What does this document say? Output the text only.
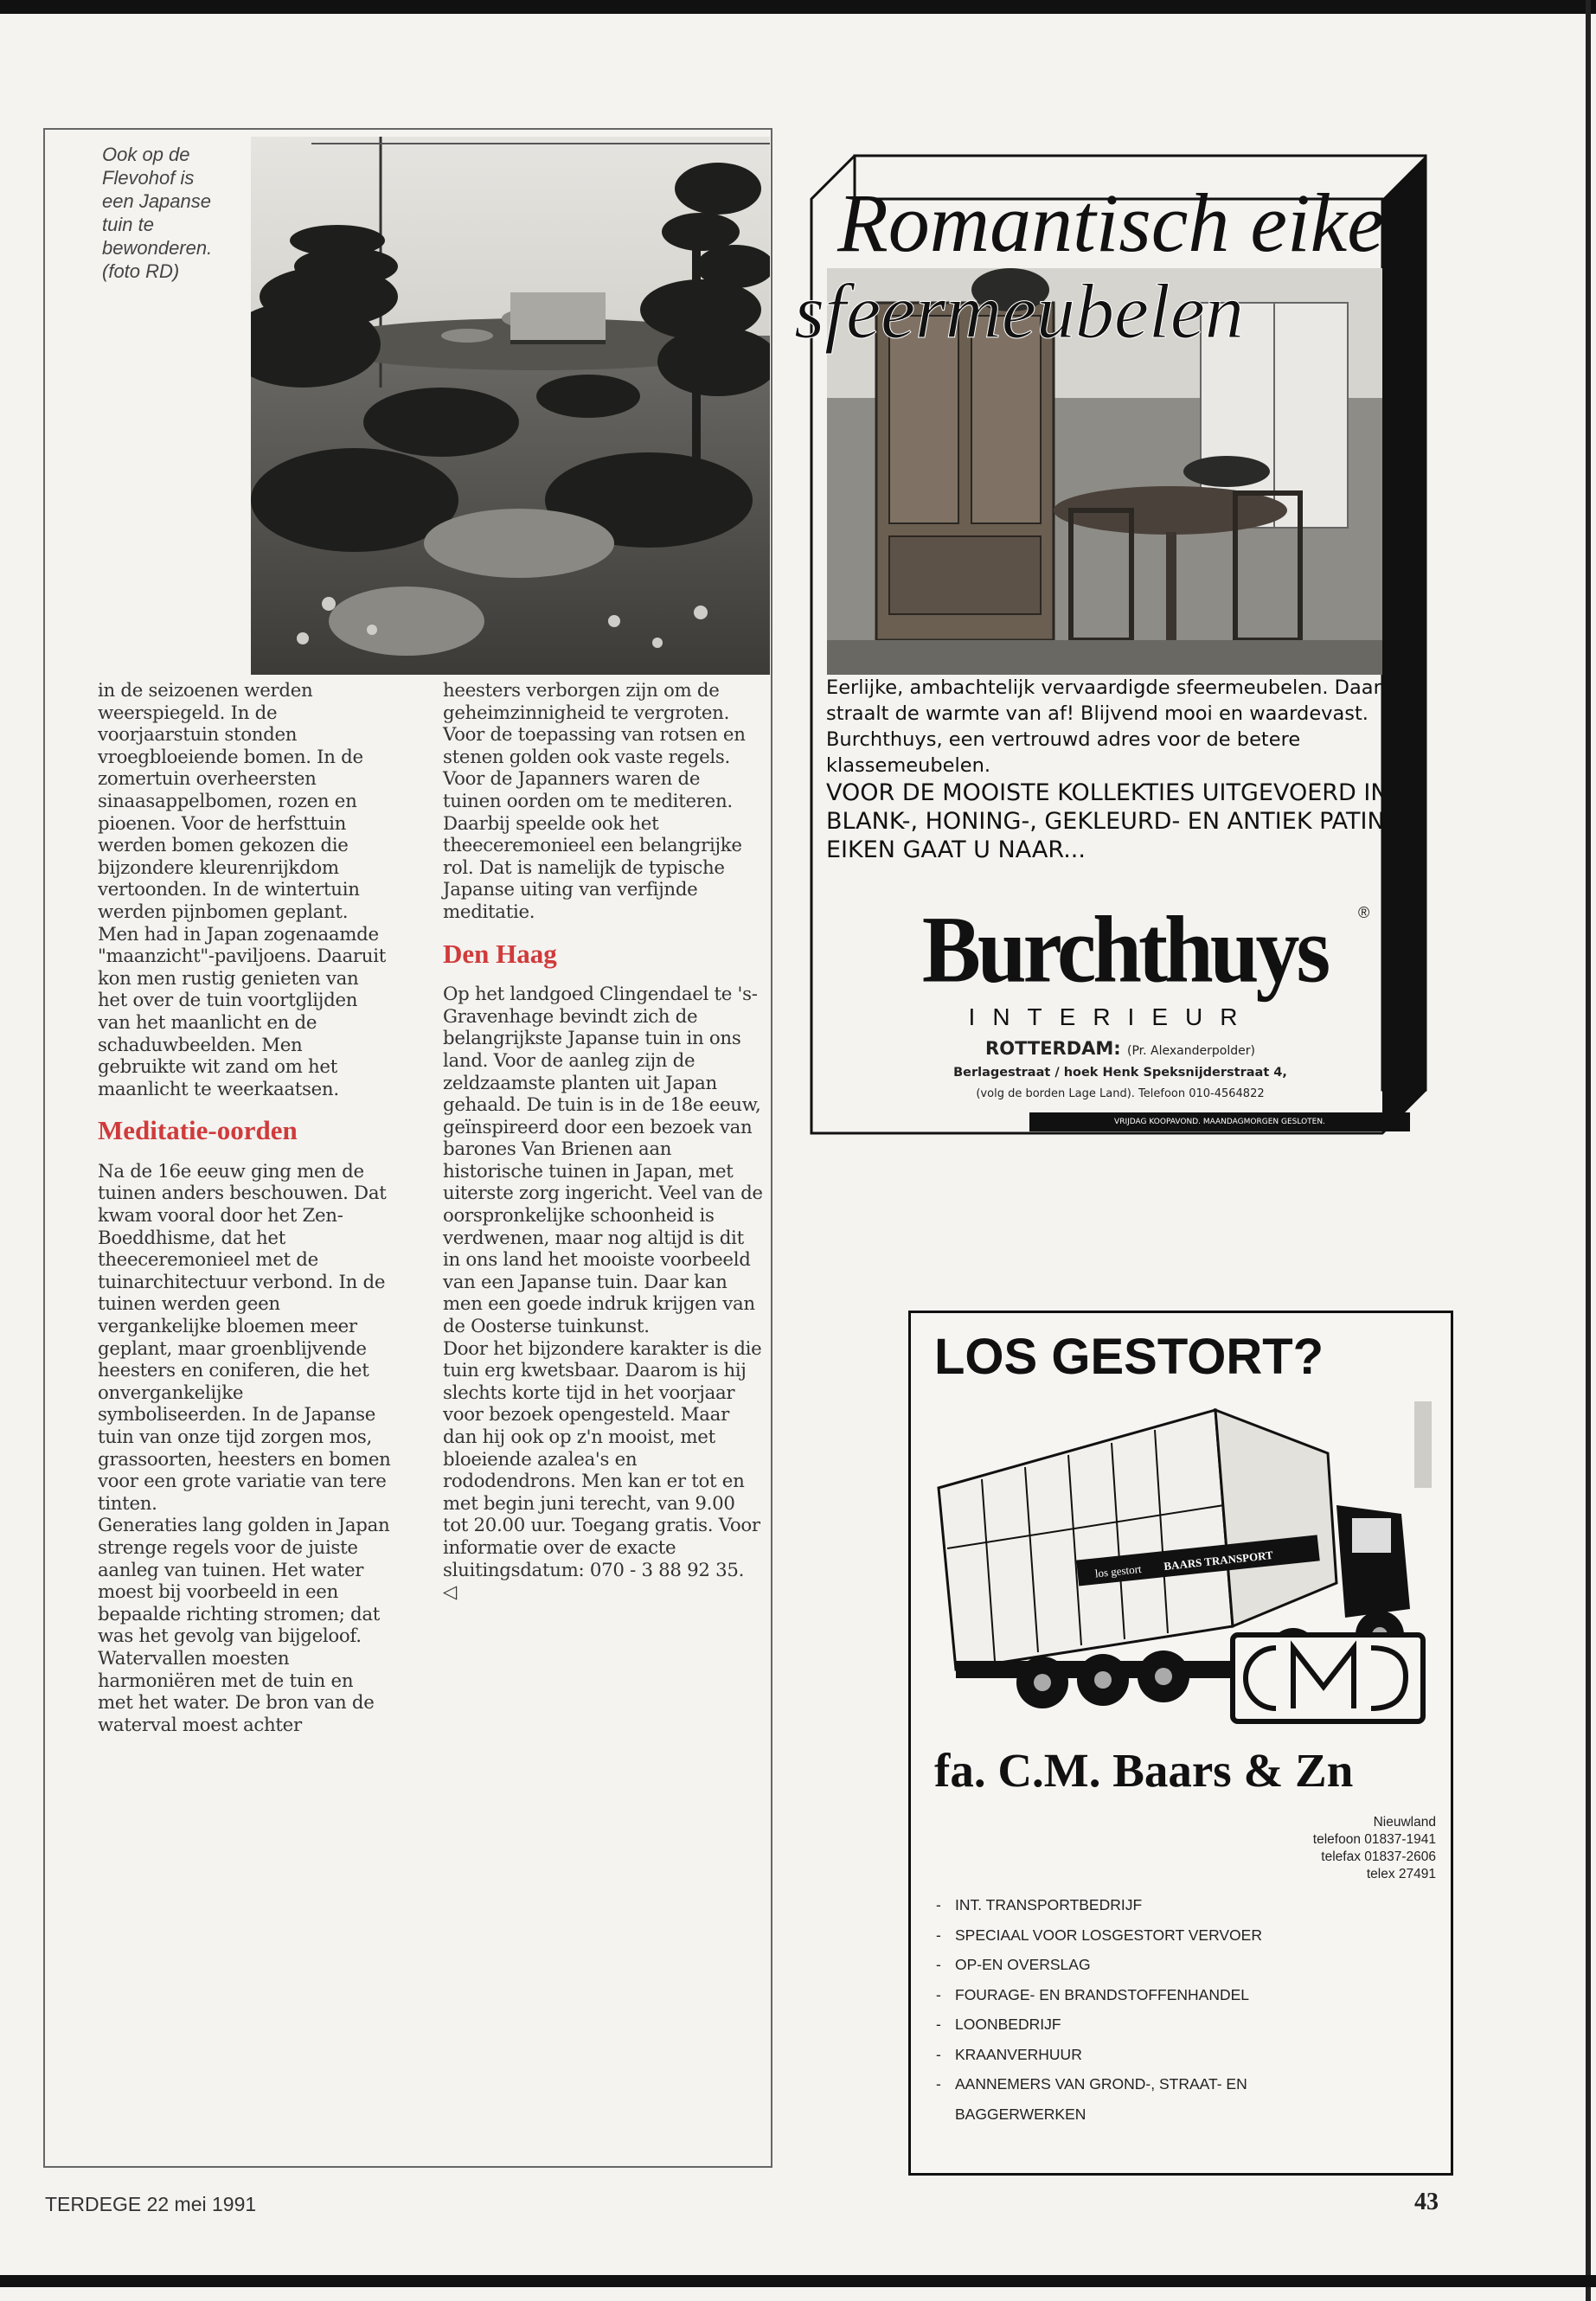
Ook op de Flevohof is een Japanse tuin te bewonderen. (foto RD)

in de seizoenen werden weerspiegeld. In de voorjaarstuin stonden vroegbloeiende bomen. In de zomertuin overheersten sinaasappelbomen, rozen en pioenen. Voor de herfsttuin werden bomen gekozen die bijzondere kleurenrijkdom vertoonden. In de wintertuin werden pijnbomen geplant.

Men had in Japan zogenaamde "maanzicht"-paviljoens. Daaruit kon men rustig genieten van het over de tuin voortglijden van het maanlicht en de schaduwbeelden. Men gebruikte wit zand om het maanlicht te weerkaatsen.

Meditatie-oorden

Na de 16e eeuw ging men de tuinen anders beschouwen. Dat kwam vooral door het Zen-Boeddhisme, dat het theeceremonieel met de tuinarchitectuur verbond. In de tuinen werden geen vergankelijke bloemen meer geplant, maar groenblijvende heesters en coniferen, die het onvergankelijke symboliseerden. In de Japanse tuin van onze tijd zorgen mos, grassoorten, heesters en bomen voor een grote variatie van tere tinten.

Generaties lang golden in Japan strenge regels voor de juiste aanleg van tuinen. Het water moest bij voorbeeld in een bepaalde richting stromen; dat was het gevolg van bijgeloof. Watervallen moesten harmoniëren met de tuin en met het water. De bron van de waterval moest achter

heesters verborgen zijn om de geheimzinnigheid te vergroten. Voor de toepassing van rotsen en stenen golden ook vaste regels. Voor de Japanners waren de tuinen oorden om te mediteren. Daarbij speelde ook het theeceremonieel een belangrijke rol. Dat is namelijk de typische Japanse uiting van verfijnde meditatie.

Den Haag

Op het landgoed Clingendael te 's-Gravenhage bevindt zich de belangrijkste Japanse tuin in ons land. Voor de aanleg zijn de zeldzaamste planten uit Japan gehaald. De tuin is in de 18e eeuw, geïnspireerd door een bezoek van barones Van Brienen aan historische tuinen in Japan, met uiterste zorg ingericht. Veel van de oorspronkelijke schoonheid is verdwenen, maar nog altijd is dit in ons land het mooiste voorbeeld van een Japanse tuin. Daar kan men een goede indruk krijgen van de Oosterse tuinkunst.

Door het bijzondere karakter is die tuin erg kwetsbaar. Daarom is hij slechts korte tijd in het voorjaar voor bezoek opengesteld. Maar dan hij ook op z'n mooist, met bloeiende azalea's en rododendrons. Men kan er tot en met begin juni terecht, van 9.00 tot 20.00 uur. Toegang gratis. Voor informatie over de exacte sluitingsdatum: 070 - 3 88 92 35. ◁

Romantisch eiken
sfeermeubelen
Eerlijke, ambachtelijk vervaardigde sfeermeubelen. Daar straalt de warmte van af! Blijvend mooi en waardevast. Burchthuys, een vertrouwd adres voor de betere klassemeubelen.
VOOR DE MOOISTE KOLLEKTIES UITGEVOERD IN BLANK-, HONING-, GEKLEURD- EN ANTIEK PATINÉ EIKEN GAAT U NAAR...
Burchthuys	®
INTERIEUR
ROTTERDAM: (Pr. Alexanderpolder)
Berlagestraat / hoek Henk Speksnijderstraat 4,
(volg de borden Lage Land). Telefoon 010-4564822
VRIJDAG KOOPAVOND. MAANDAGMORGEN GESLOTEN.
LOS GESTORT?
los gestort BAARS TRANSPORT
fa. C.M. Baars & Zn
Nieuwland
telefoon 01837-1941
telefax 01837-2606
telex 27491
- INT. TRANSPORTBEDRIJF
- SPECIAAL VOOR LOSGESTORT VERVOER
- OP-EN OVERSLAG
- FOURAGE- EN BRANDSTOFFENHANDEL
- LOONBEDRIJF
- KRAANVERHUUR
- AANNEMERS VAN GROND-, STRAAT- EN
BAGGERWERKEN
TERDEGE 22 mei 1991	43
